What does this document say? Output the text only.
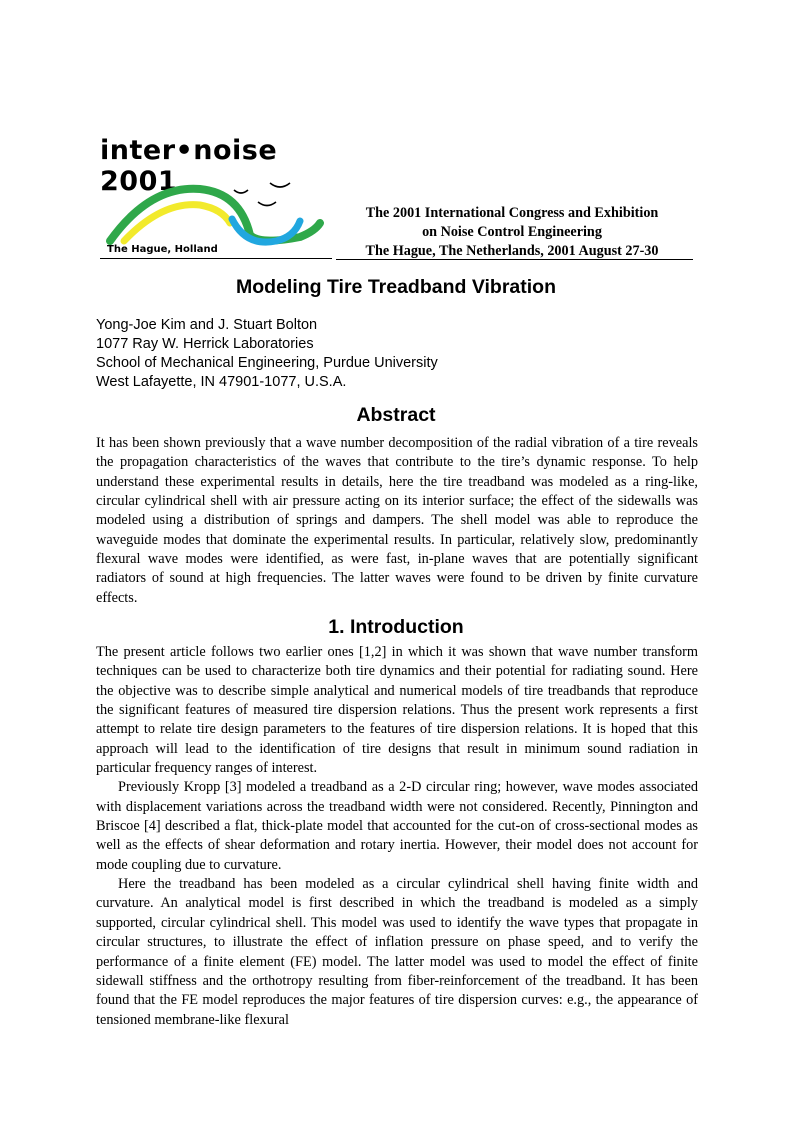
inter•noise 2001
The Hague, Holland
The 2001 International Congress and Exhibition
on Noise Control Engineering
The Hague, The Netherlands, 2001 August 27-30
Modeling Tire Treadband Vibration
Yong-Joe Kim and J. Stuart Bolton
1077 Ray W. Herrick Laboratories
School of Mechanical Engineering, Purdue University
West Lafayette, IN 47901-1077, U.S.A.
Abstract

It has been shown previously that a wave number decomposition of the radial vibration of a tire reveals the propagation characteristics of the waves that contribute to the tire’s dynamic response. To help understand these experimental results in details, here the tire treadband was modeled as a ring-like, circular cylindrical shell with air pressure acting on its interior surface; the effect of the sidewalls was modeled using a distribution of springs and dampers. The shell model was able to reproduce the waveguide modes that dominate the experimental results. In particular, relatively slow, predominantly flexural wave modes were identified, as were fast, in-plane waves that are potentially significant radiators of sound at high frequencies. The latter waves were found to be driven by finite curvature effects.

1. Introduction

The present article follows two earlier ones [1,2] in which it was shown that wave number transform techniques can be used to characterize both tire dynamics and their potential for radiating sound. Here the objective was to describe simple analytical and numerical models of tire treadbands that reproduce the significant features of measured tire dispersion relations. Thus the present work represents a first attempt to relate tire design parameters to the features of tire dispersion relations. It is hoped that this approach will lead to the identification of tire designs that result in minimum sound radiation in particular frequency ranges of interest.

Previously Kropp [3] modeled a treadband as a 2-D circular ring; however, wave modes associated with displacement variations across the treadband width were not considered. Recently, Pinnington and Briscoe [4] described a flat, thick-plate model that accounted for the cut-on of cross-sectional modes as well as the effects of shear deformation and rotary inertia. However, their model does not account for mode coupling due to curvature.

Here the treadband has been modeled as a circular cylindrical shell having finite width and curvature. An analytical model is first described in which the treadband is modeled as a simply supported, circular cylindrical shell. This model was used to identify the wave types that propagate in circular structures, to illustrate the effect of inflation pressure on phase speed, and to verify the performance of a finite element (FE) model. The latter model was used to model the effect of finite sidewall stiffness and the orthotropy resulting from fiber-reinforcement of the treadband. It has been found that the FE model reproduces the major features of tire dispersion curves: e.g., the appearance of tensioned membrane-like flexural
